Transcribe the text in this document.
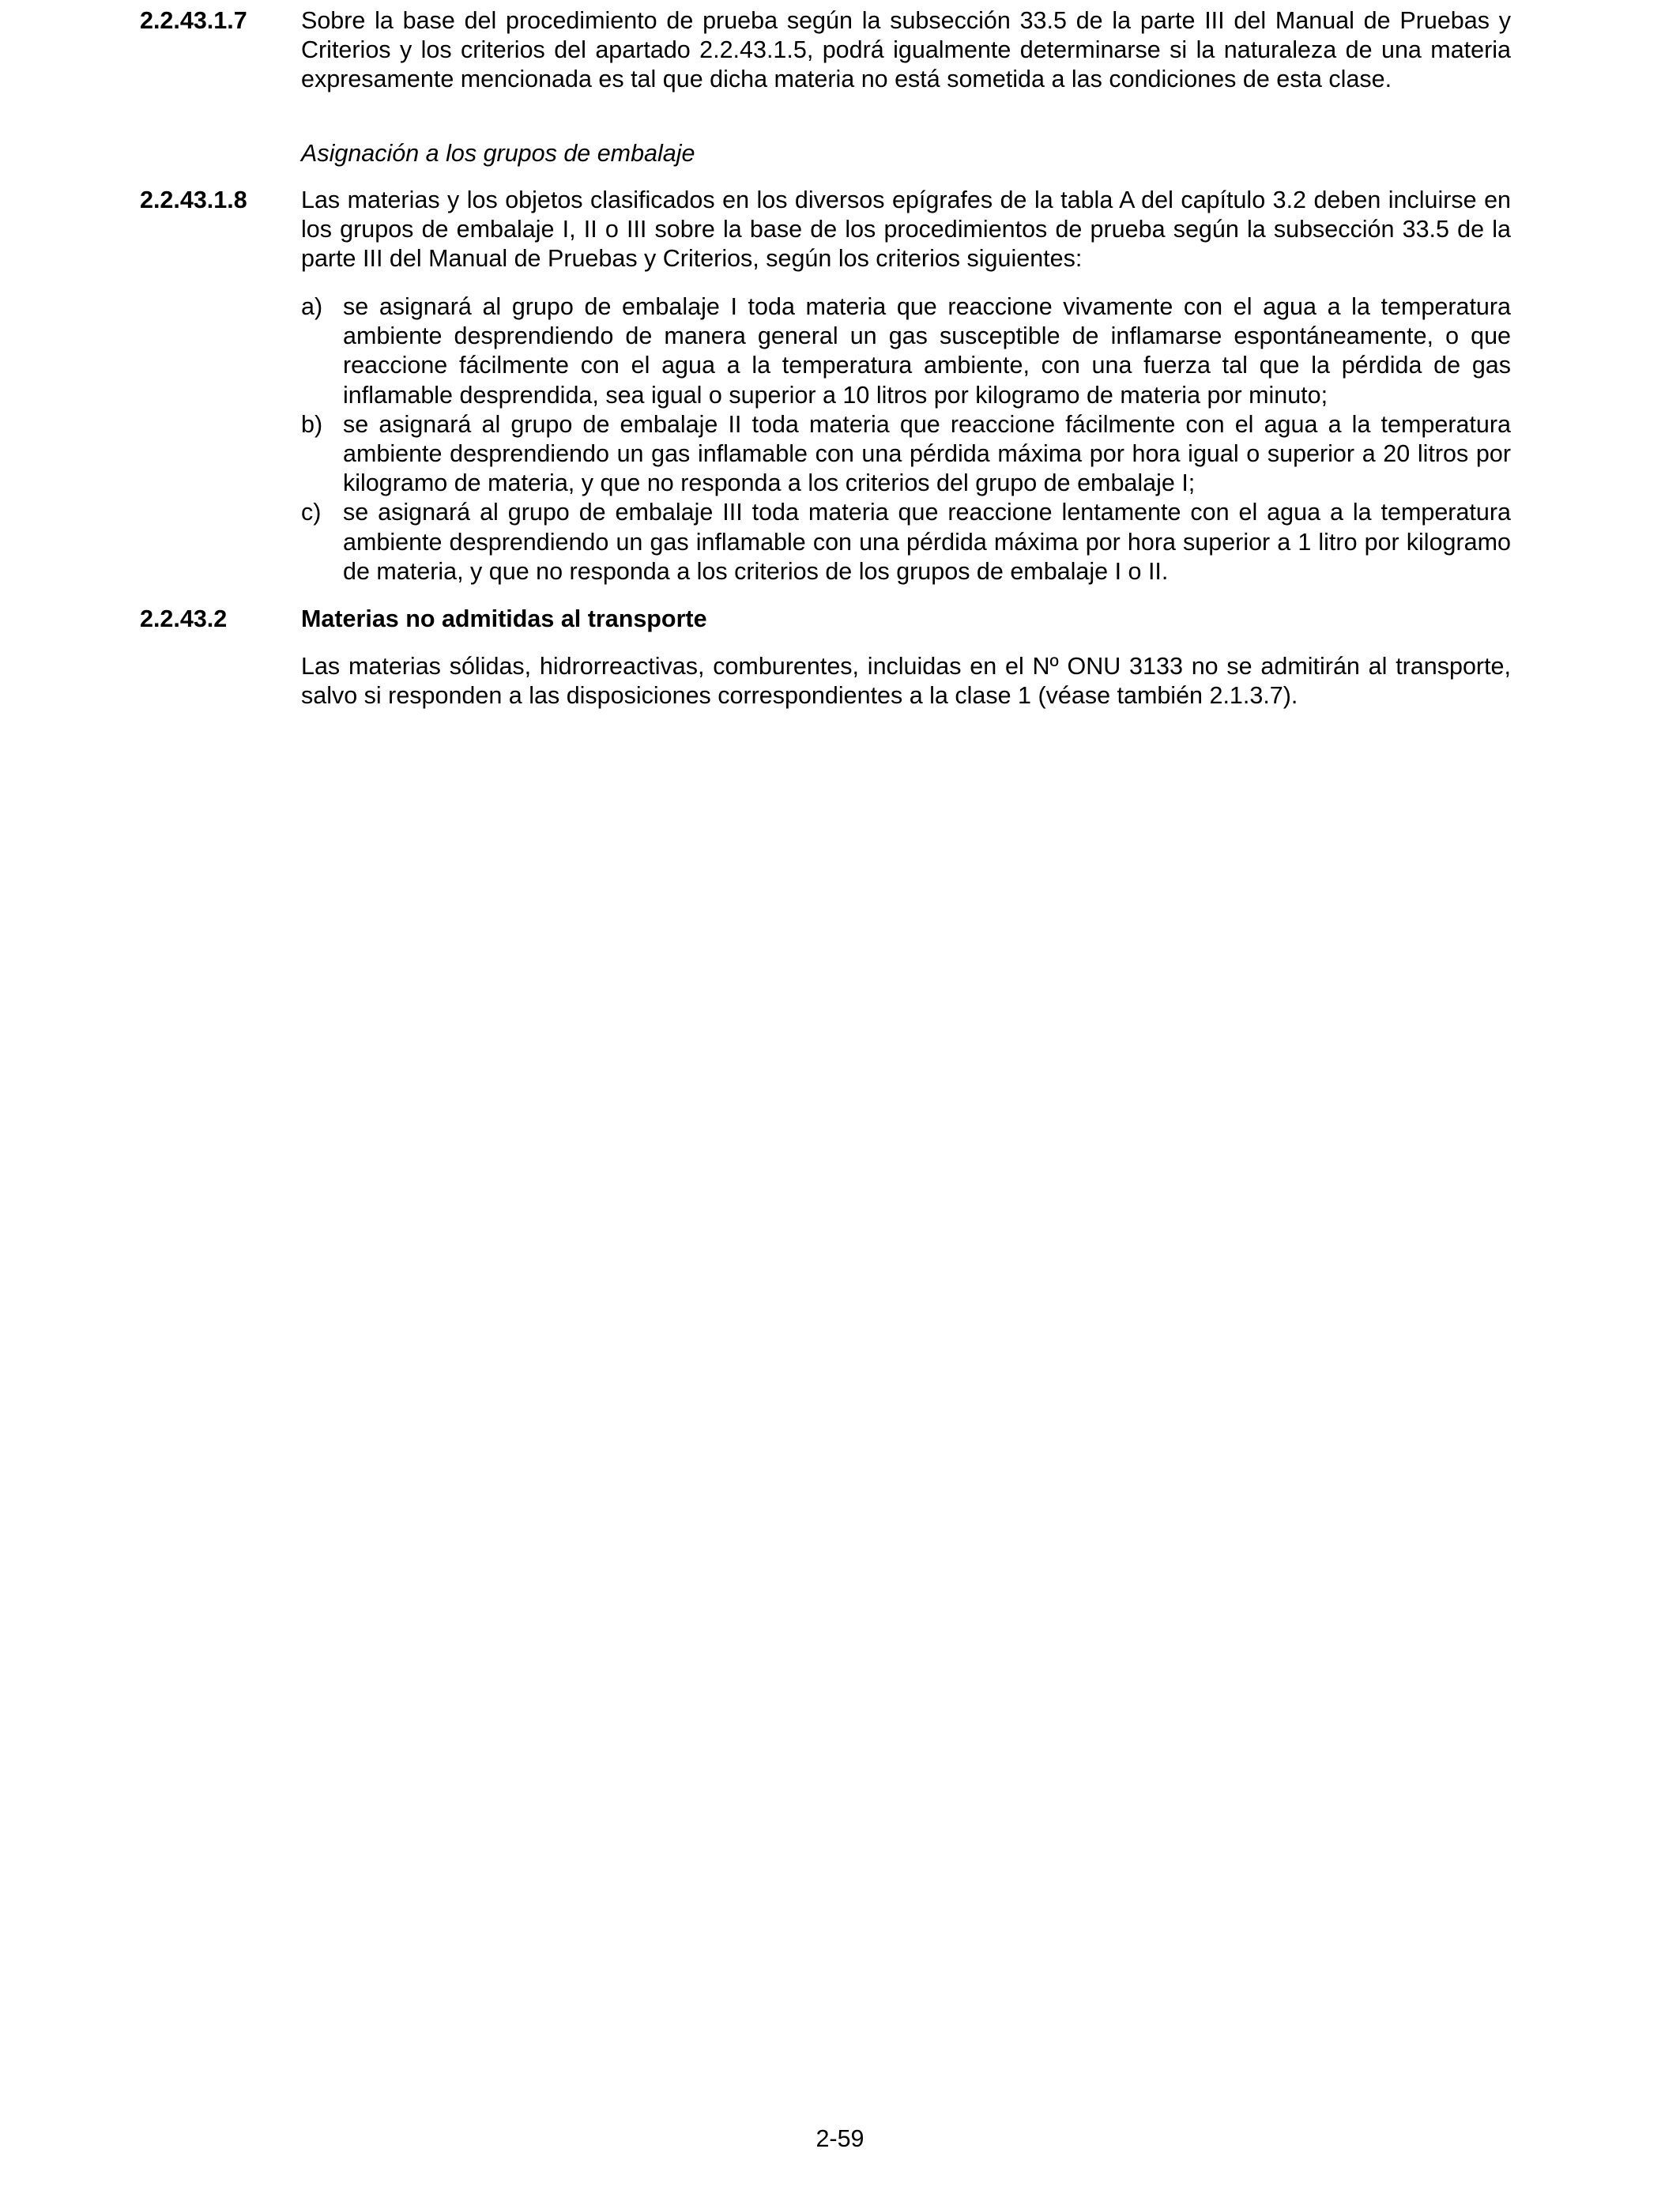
2.2.43.1.7 Sobre la base del procedimiento de prueba según la subsección 33.5 de la parte III del Manual de Pruebas y Criterios y los criterios del apartado 2.2.43.1.5, podrá igualmente determinarse si la naturaleza de una materia expresamente mencionada es tal que dicha materia no está sometida a las condiciones de esta clase.
Asignación a los grupos de embalaje
2.2.43.1.8 Las materias y los objetos clasificados en los diversos epígrafes de la tabla A del capítulo 3.2 deben incluirse en los grupos de embalaje I, II o III sobre la base de los procedimientos de prueba según la subsección 33.5 de la parte III del Manual de Pruebas y Criterios, según los criterios siguientes:
a) se asignará al grupo de embalaje I toda materia que reaccione vivamente con el agua a la temperatura ambiente desprendiendo de manera general un gas susceptible de inflamarse espontáneamente, o que reaccione fácilmente con el agua a la temperatura ambiente, con una fuerza tal que la pérdida de gas inflamable desprendida, sea igual o superior a 10 litros por kilogramo de materia por minuto;
b) se asignará al grupo de embalaje II toda materia que reaccione fácilmente con el agua a la temperatura ambiente desprendiendo un gas inflamable con una pérdida máxima por hora igual o superior a 20 litros por kilogramo de materia, y que no responda a los criterios del grupo de embalaje I;
c) se asignará al grupo de embalaje III toda materia que reaccione lentamente con el agua a la temperatura ambiente desprendiendo un gas inflamable con una pérdida máxima por hora superior a 1 litro por kilogramo de materia, y que no responda a los criterios de los grupos de embalaje I o II.
2.2.43.2	Materias no admitidas al transporte
Las materias sólidas, hidrorreactivas, comburentes, incluidas en el Nº ONU 3133 no se admitirán al transporte, salvo si responden a las disposiciones correspondientes a la clase 1 (véase también 2.1.3.7).
2-59
